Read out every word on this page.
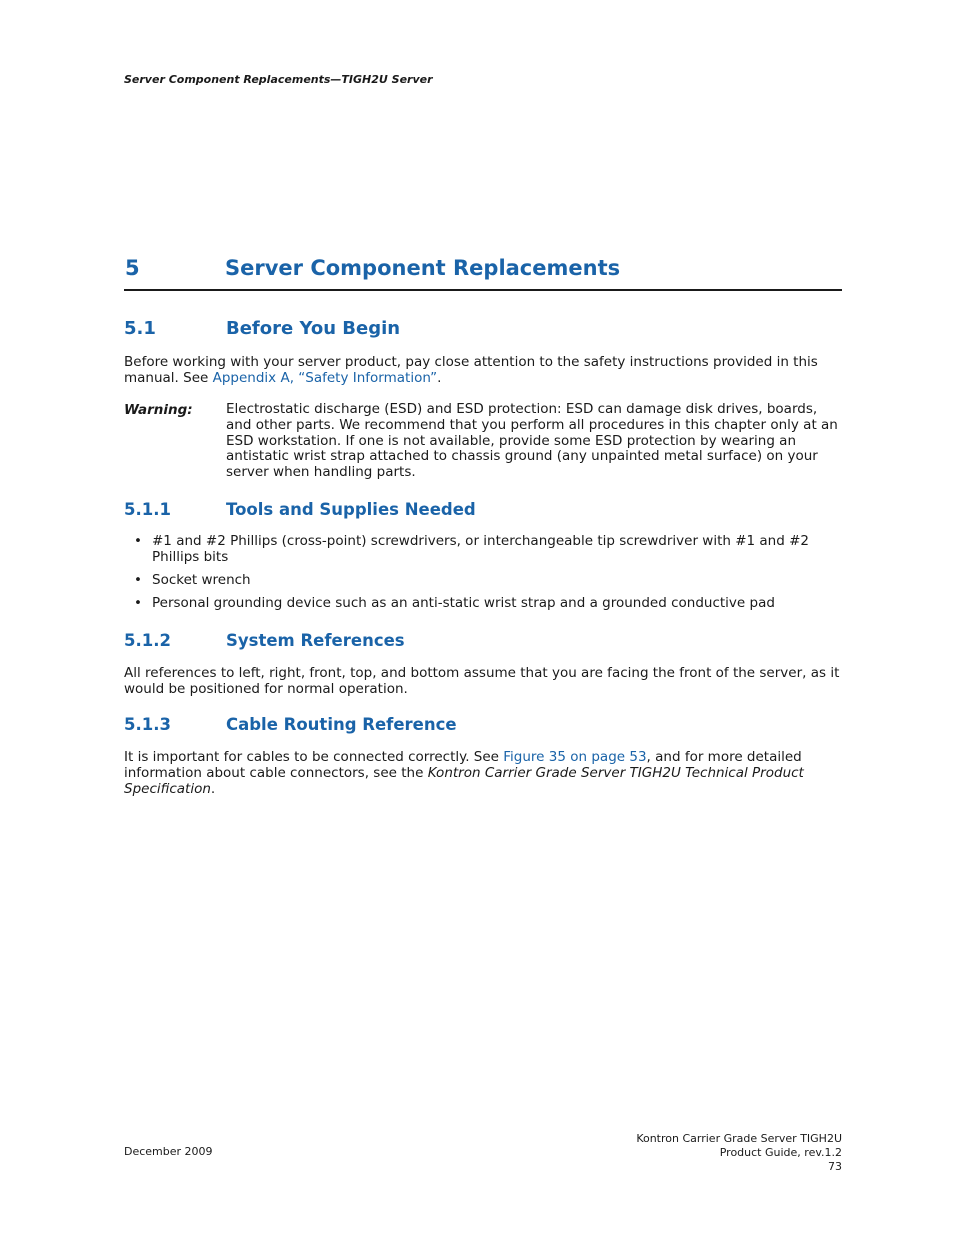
Server Component Replacements—TIGH2U Server
5	Server Component Replacements
5.1	Before You Begin
Before working with your server product, pay close attention to the safety instructions provided in this manual. See Appendix A, “Safety Information”.
Warning: Electrostatic discharge (ESD) and ESD protection: ESD can damage disk drives, boards, and other parts. We recommend that you perform all procedures in this chapter only at an ESD workstation. If one is not available, provide some ESD protection by wearing an antistatic wrist strap attached to chassis ground (any unpainted metal surface) on your server when handling parts.
5.1.1	Tools and Supplies Needed
• #1 and #2 Phillips (cross-point) screwdrivers, or interchangeable tip screwdriver with #1 and #2 Phillips bits
• Socket wrench
• Personal grounding device such as an anti-static wrist strap and a grounded conductive pad
5.1.2	System References
All references to left, right, front, top, and bottom assume that you are facing the front of the server, as it would be positioned for normal operation.
5.1.3	Cable Routing Reference
It is important for cables to be connected correctly. See Figure 35 on page 53, and for more detailed information about cable connectors, see the Kontron Carrier Grade Server TIGH2U Technical Product Specification.
December 2009
Kontron Carrier Grade Server TIGH2U
Product Guide, rev.1.2
73
